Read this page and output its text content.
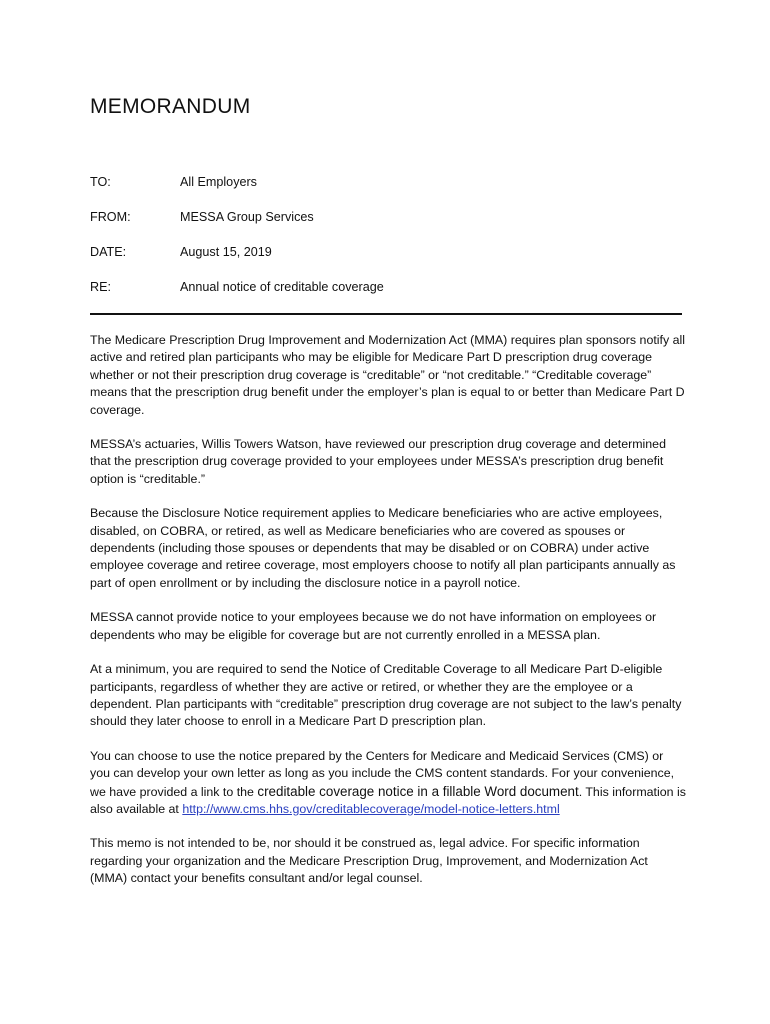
MEMORANDUM
TO:	All Employers
FROM:	MESSA Group Services
DATE:	August 15, 2019
RE:	Annual notice of creditable coverage

The Medicare Prescription Drug Improvement and Modernization Act (MMA) requires plan sponsors notify all active and retired plan participants who may be eligible for Medicare Part D prescription drug coverage whether or not their prescription drug coverage is “creditable” or “not creditable.” “Creditable coverage” means that the prescription drug benefit under the employer’s plan is equal to or better than Medicare Part D coverage.

MESSA’s actuaries, Willis Towers Watson, have reviewed our prescription drug coverage and determined that the prescription drug coverage provided to your employees under MESSA’s prescription drug benefit option is “creditable.”

Because the Disclosure Notice requirement applies to Medicare beneficiaries who are active employees, disabled, on COBRA, or retired, as well as Medicare beneficiaries who are covered as spouses or dependents (including those spouses or dependents that may be disabled or on COBRA) under active employee coverage and retiree coverage, most employers choose to notify all plan participants annually as part of open enrollment or by including the disclosure notice in a payroll notice.

MESSA cannot provide notice to your employees because we do not have information on employees or dependents who may be eligible for coverage but are not currently enrolled in a MESSA plan.

At a minimum, you are required to send the Notice of Creditable Coverage to all Medicare Part D-eligible participants, regardless of whether they are active or retired, or whether they are the employee or a dependent. Plan participants with “creditable” prescription drug coverage are not subject to the law’s penalty should they later choose to enroll in a Medicare Part D prescription plan.

You can choose to use the notice prepared by the Centers for Medicare and Medicaid Services (CMS) or you can develop your own letter as long as you include the CMS content standards. For your convenience, we have provided a link to the creditable coverage notice in a fillable Word document. This information is also available at http://www.cms.hhs.gov/creditablecoverage/model-notice-letters.html

This memo is not intended to be, nor should it be construed as, legal advice. For specific information regarding your organization and the Medicare Prescription Drug, Improvement, and Modernization Act (MMA) contact your benefits consultant and/or legal counsel.
